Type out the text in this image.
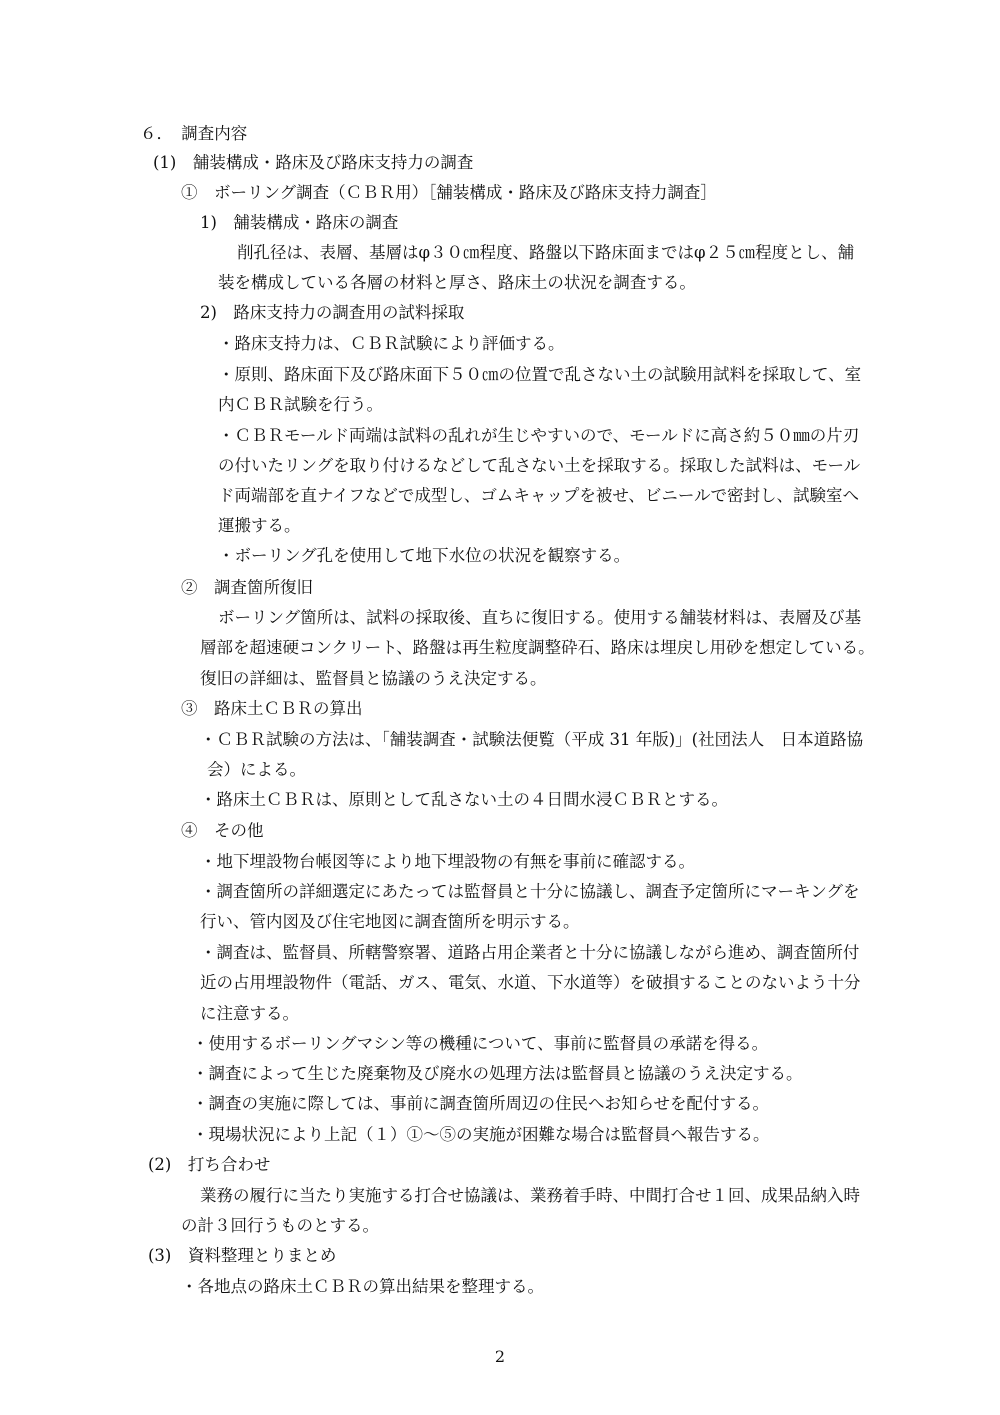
６．　調査内容
(1)　舗装構成・路床及び路床支持力の調査
①　ボーリング調査（ＣＢＲ用）［舗装構成・路床及び路床支持力調査］
1)　舗装構成・路床の調査
削孔径は、表層、基層はφ３０㎝程度、路盤以下路床面まではφ２５㎝程度とし、舗
装を構成している各層の材料と厚さ、路床土の状況を調査する。
2)　路床支持力の調査用の試料採取
・路床支持力は、ＣＢＲ試験により評価する。
・原則、路床面下及び路床面下５０㎝の位置で乱さない土の試験用試料を採取して、室
内ＣＢＲ試験を行う。
・ＣＢＲモールド両端は試料の乱れが生じやすいので、モールドに高さ約５０㎜の片刃
の付いたリングを取り付けるなどして乱さない土を採取する。採取した試料は、モール
ド両端部を直ナイフなどで成型し、ゴムキャップを被せ、ビニールで密封し、試験室へ
運搬する。
・ボーリング孔を使用して地下水位の状況を観察する。
②　調査箇所復旧
ボーリング箇所は、試料の採取後、直ちに復旧する。使用する舗装材料は、表層及び基
層部を超速硬コンクリート、路盤は再生粒度調整砕石、路床は埋戻し用砂を想定している。
復旧の詳細は、監督員と協議のうえ決定する。
③　路床土ＣＢＲの算出
・ＣＢＲ試験の方法は、「舗装調査・試験法便覧（平成 31 年版)」(社団法人　日本道路協
会）による。
・路床土ＣＢＲは、原則として乱さない土の４日間水浸ＣＢＲとする。
④　その他
・地下埋設物台帳図等により地下埋設物の有無を事前に確認する。
・調査箇所の詳細選定にあたっては監督員と十分に協議し、調査予定箇所にマーキングを
行い、管内図及び住宅地図に調査箇所を明示する。
・調査は、監督員、所轄警察署、道路占用企業者と十分に協議しながら進め、調査箇所付
近の占用埋設物件（電話、ガス、電気、水道、下水道等）を破損することのないよう十分
に注意する。
・使用するボーリングマシン等の機種について、事前に監督員の承諾を得る。
・調査によって生じた廃棄物及び廃水の処理方法は監督員と協議のうえ決定する。
・調査の実施に際しては、事前に調査箇所周辺の住民へお知らせを配付する。
・現場状況により上記（１）①～⑤の実施が困難な場合は監督員へ報告する。
(2)　打ち合わせ
業務の履行に当たり実施する打合せ協議は、業務着手時、中間打合せ１回、成果品納入時
の計３回行うものとする。
(3)　資料整理とりまとめ
・各地点の路床土ＣＢＲの算出結果を整理する。
2
